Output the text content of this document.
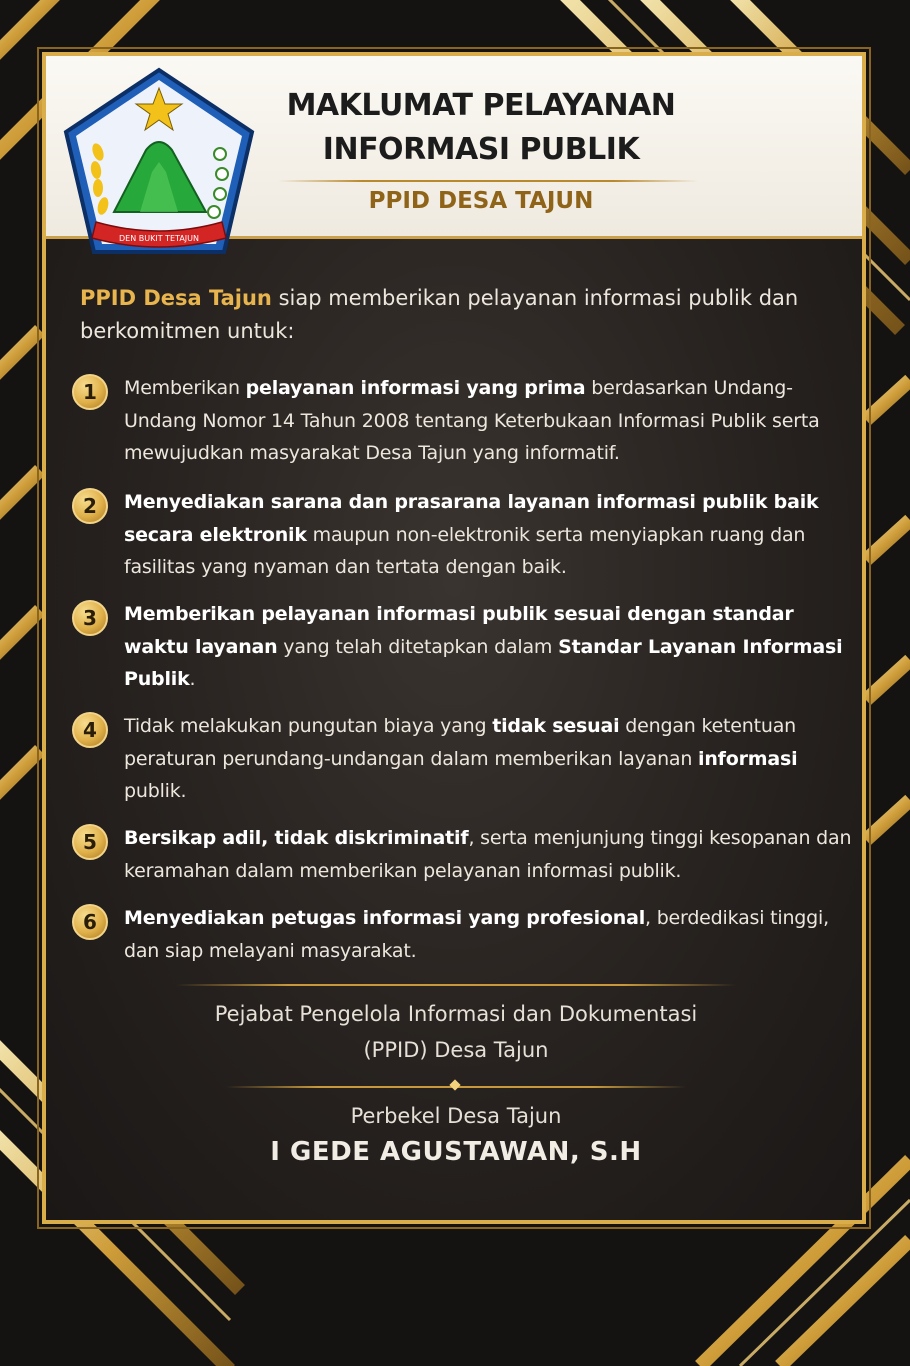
DEN BUKIT TETAJUN
MAKLUMAT PELAYANAN
INFORMASI PUBLIK
PPID DESA TAJUN

PPID Desa Tajun siap memberikan pelayanan informasi publik dan berkomitmen untuk:

1	Memberikan pelayanan informasi yang prima berdasarkan Undang-Undang Nomor 14 Tahun 2008 tentang Keterbukaan Informasi Publik serta mewujudkan masyarakat Desa Tajun yang informatif.

2	Menyediakan sarana dan prasarana layanan informasi publik baik secara elektronik maupun non-elektronik serta menyiapkan ruang dan fasilitas yang nyaman dan tertata dengan baik.

3	Memberikan pelayanan informasi publik sesuai dengan standar waktu layanan yang telah ditetapkan dalam Standar Layanan Informasi Publik.

4	Tidak melakukan pungutan biaya yang tidak sesuai dengan ketentuan peraturan perundang-undangan dalam memberikan layanan informasi publik.

5	Bersikap adil, tidak diskriminatif, serta menjunjung tinggi kesopanan dan keramahan dalam memberikan pelayanan informasi publik.

6	Menyediakan petugas informasi yang profesional, berdedikasi tinggi, dan siap melayani masyarakat.

Pejabat Pengelola Informasi dan Dokumentasi
(PPID) Desa Tajun

Perbekel Desa Tajun

I GEDE AGUSTAWAN, S.H
